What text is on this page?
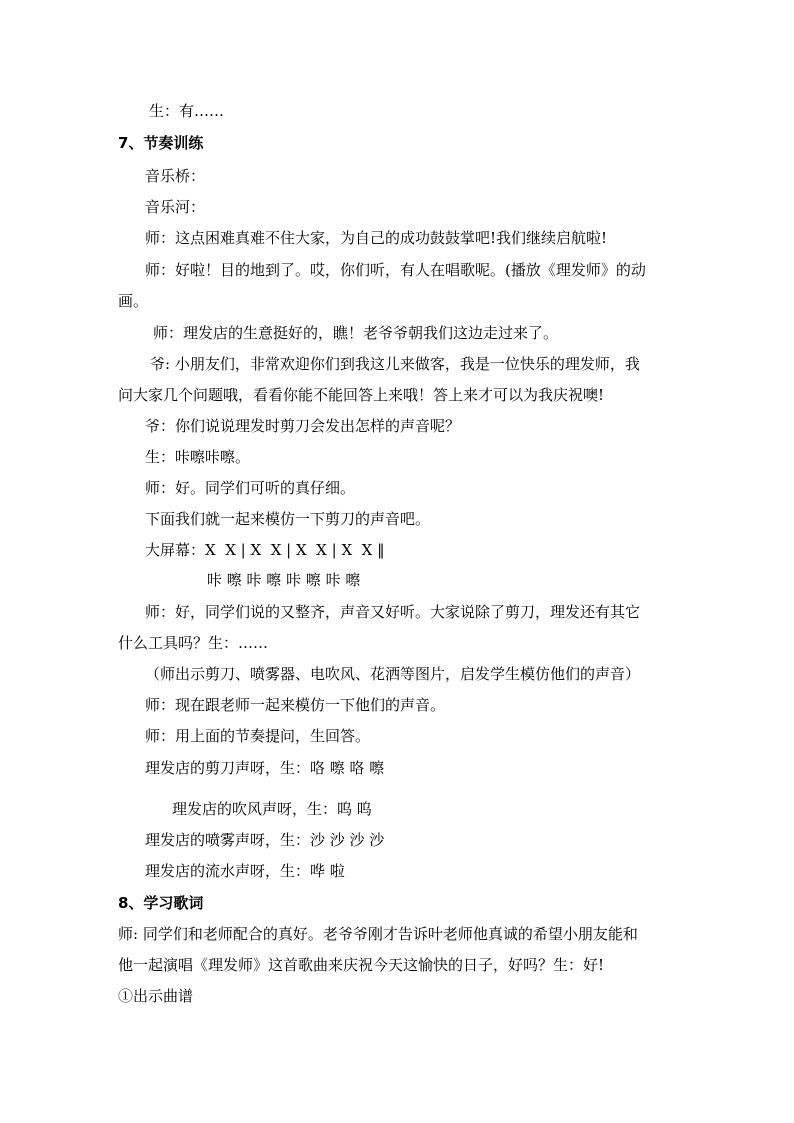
生：有……
7、节奏训练
音乐桥：
音乐河：
师：这点困难真难不住大家，为自己的成功鼓鼓掌吧!我们继续启航啦!
师：好啦！目的地到了。哎，你们听，有人在唱歌呢。(播放《理发师》的动
画。
师：理发店的生意挺好的，瞧！老爷爷朝我们这边走过来了。
爷: 小朋友们，非常欢迎你们到我这儿来做客，我是一位快乐的理发师，我
问大家几个问题哦，看看你能不能回答上来哦！答上来才可以为我庆祝噢!
爷：你们说说理发时剪刀会发出怎样的声音呢？
生：咔嚓咔嚓。
师：好。同学们可听的真仔细。
下面我们就一起来模仿一下剪刀的声音吧。
大屏幕：X  X | X  X | X  X | X  X ‖
咔 嚓 咔 嚓 咔 嚓 咔 嚓
师：好，同学们说的又整齐，声音又好听。大家说除了剪刀，理发还有其它
什么工具吗？生：……
（师出示剪刀、喷雾器、电吹风、花洒等图片，启发学生模仿他们的声音）
师：现在跟老师一起来模仿一下他们的声音。
师：用上面的节奏提问，生回答。
理发店的剪刀声呀，生：咯 嚓 咯 嚓
理发店的吹风声呀，生：呜 呜
理发店的喷雾声呀，生：沙 沙 沙 沙
理发店的流水声呀，生：哗 啦
8、学习歌词
师: 同学们和老师配合的真好。老爷爷刚才告诉叶老师他真诚的希望小朋友能和
他一起演唱《理发师》这首歌曲来庆祝今天这愉快的日子，好吗？生：好!
①出示曲谱
